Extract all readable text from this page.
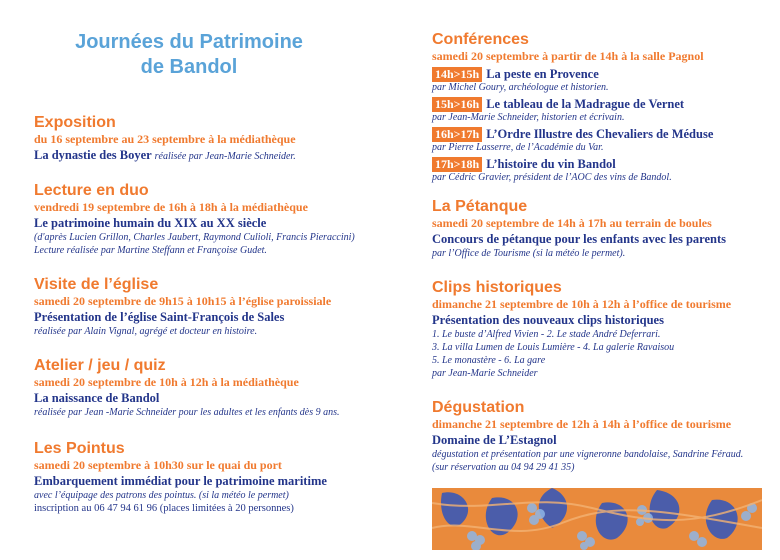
Journées du Patrimoine
de Bandol
Exposition
du 16 septembre au 23 septembre à la médiathèque
La dynastie des Boyer réalisée par Jean-Marie Schneider.
Lecture en duo
vendredi 19 septembre de 16h à 18h à la médiathèque
Le patrimoine humain du XIX au XX siècle
(d'après Lucien Grillon, Charles Jaubert, Raymond Culioli, Francis Pieraccini)
Lecture réalisée par Martine Steffann et Françoise Gudet.
Visite de l’église
samedi 20 septembre de 9h15 à 10h15 à l’église paroissiale
Présentation de l’église Saint-François de Sales
réalisée par Alain Vignal, agrégé et docteur en histoire.
Atelier / jeu / quiz
samedi 20 septembre de 10h à 12h à la médiathèque
La naissance de Bandol
réalisée par Jean -Marie Schneider pour les adultes et les enfants dès 9 ans.
Les Pointus
samedi 20 septembre à 10h30 sur le quai du port
Embarquement immédiat pour le patrimoine maritime
avec l’équipage des patrons des pointus. (si la météo le permet)
inscription au 06 47 94 61 96 (places limitées à 20 personnes)
Conférences
samedi 20 septembre à partir de 14h à la salle Pagnol
14h>15h La peste en Provence
par Michel Goury, archéologue et historien.
15h>16h Le tableau de la Madrague de Vernet
par Jean-Marie Schneider, historien et écrivain.
16h>17h L’Ordre Illustre des Chevaliers de Méduse
par Pierre Lasserre, de l’Académie du Var.
17h>18h L’histoire du vin Bandol
par Cédric Gravier, président de l’AOC des vins de Bandol.
La Pétanque
samedi 20 septembre de 14h à 17h au terrain de boules
Concours de pétanque pour les enfants avec les parents
par l’Office de Tourisme (si la météo le permet).
Clips historiques
dimanche 21 septembre de 10h à 12h à l’office de tourisme
Présentation des nouveaux clips historiques
1. Le buste d’Alfred Vivien - 2. Le stade André Deferrari.
3. La villa Lumen de Louis Lumière - 4. La galerie Ravaisou
5. Le monastère - 6. La gare
par Jean-Marie Schneider
Dégustation
dimanche 21 septembre de 12h à 14h à l’office de tourisme
Domaine de L’Estagnol
dégustation et présentation par une vigneronne bandolaise, Sandrine Féraud.
(sur réservation au 04 94 29 41 35)
